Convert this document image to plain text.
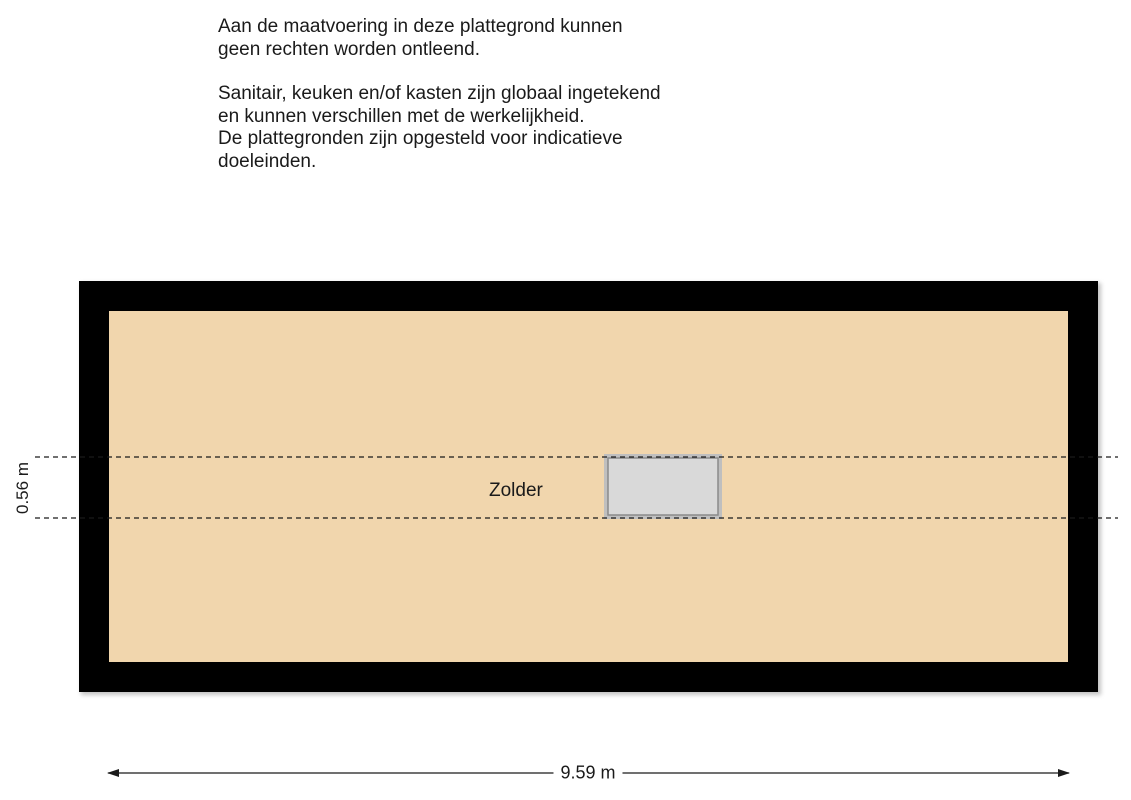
Aan de maatvoering in deze plattegrond kunnen
geen rechten worden ontleend.

Sanitair, keuken en/of kasten zijn globaal ingetekend
en kunnen verschillen met de werkelijkheid.
De plattegronden zijn opgesteld voor indicatieve
doeleinden.

Zolder
0.56 m
9.59 m
